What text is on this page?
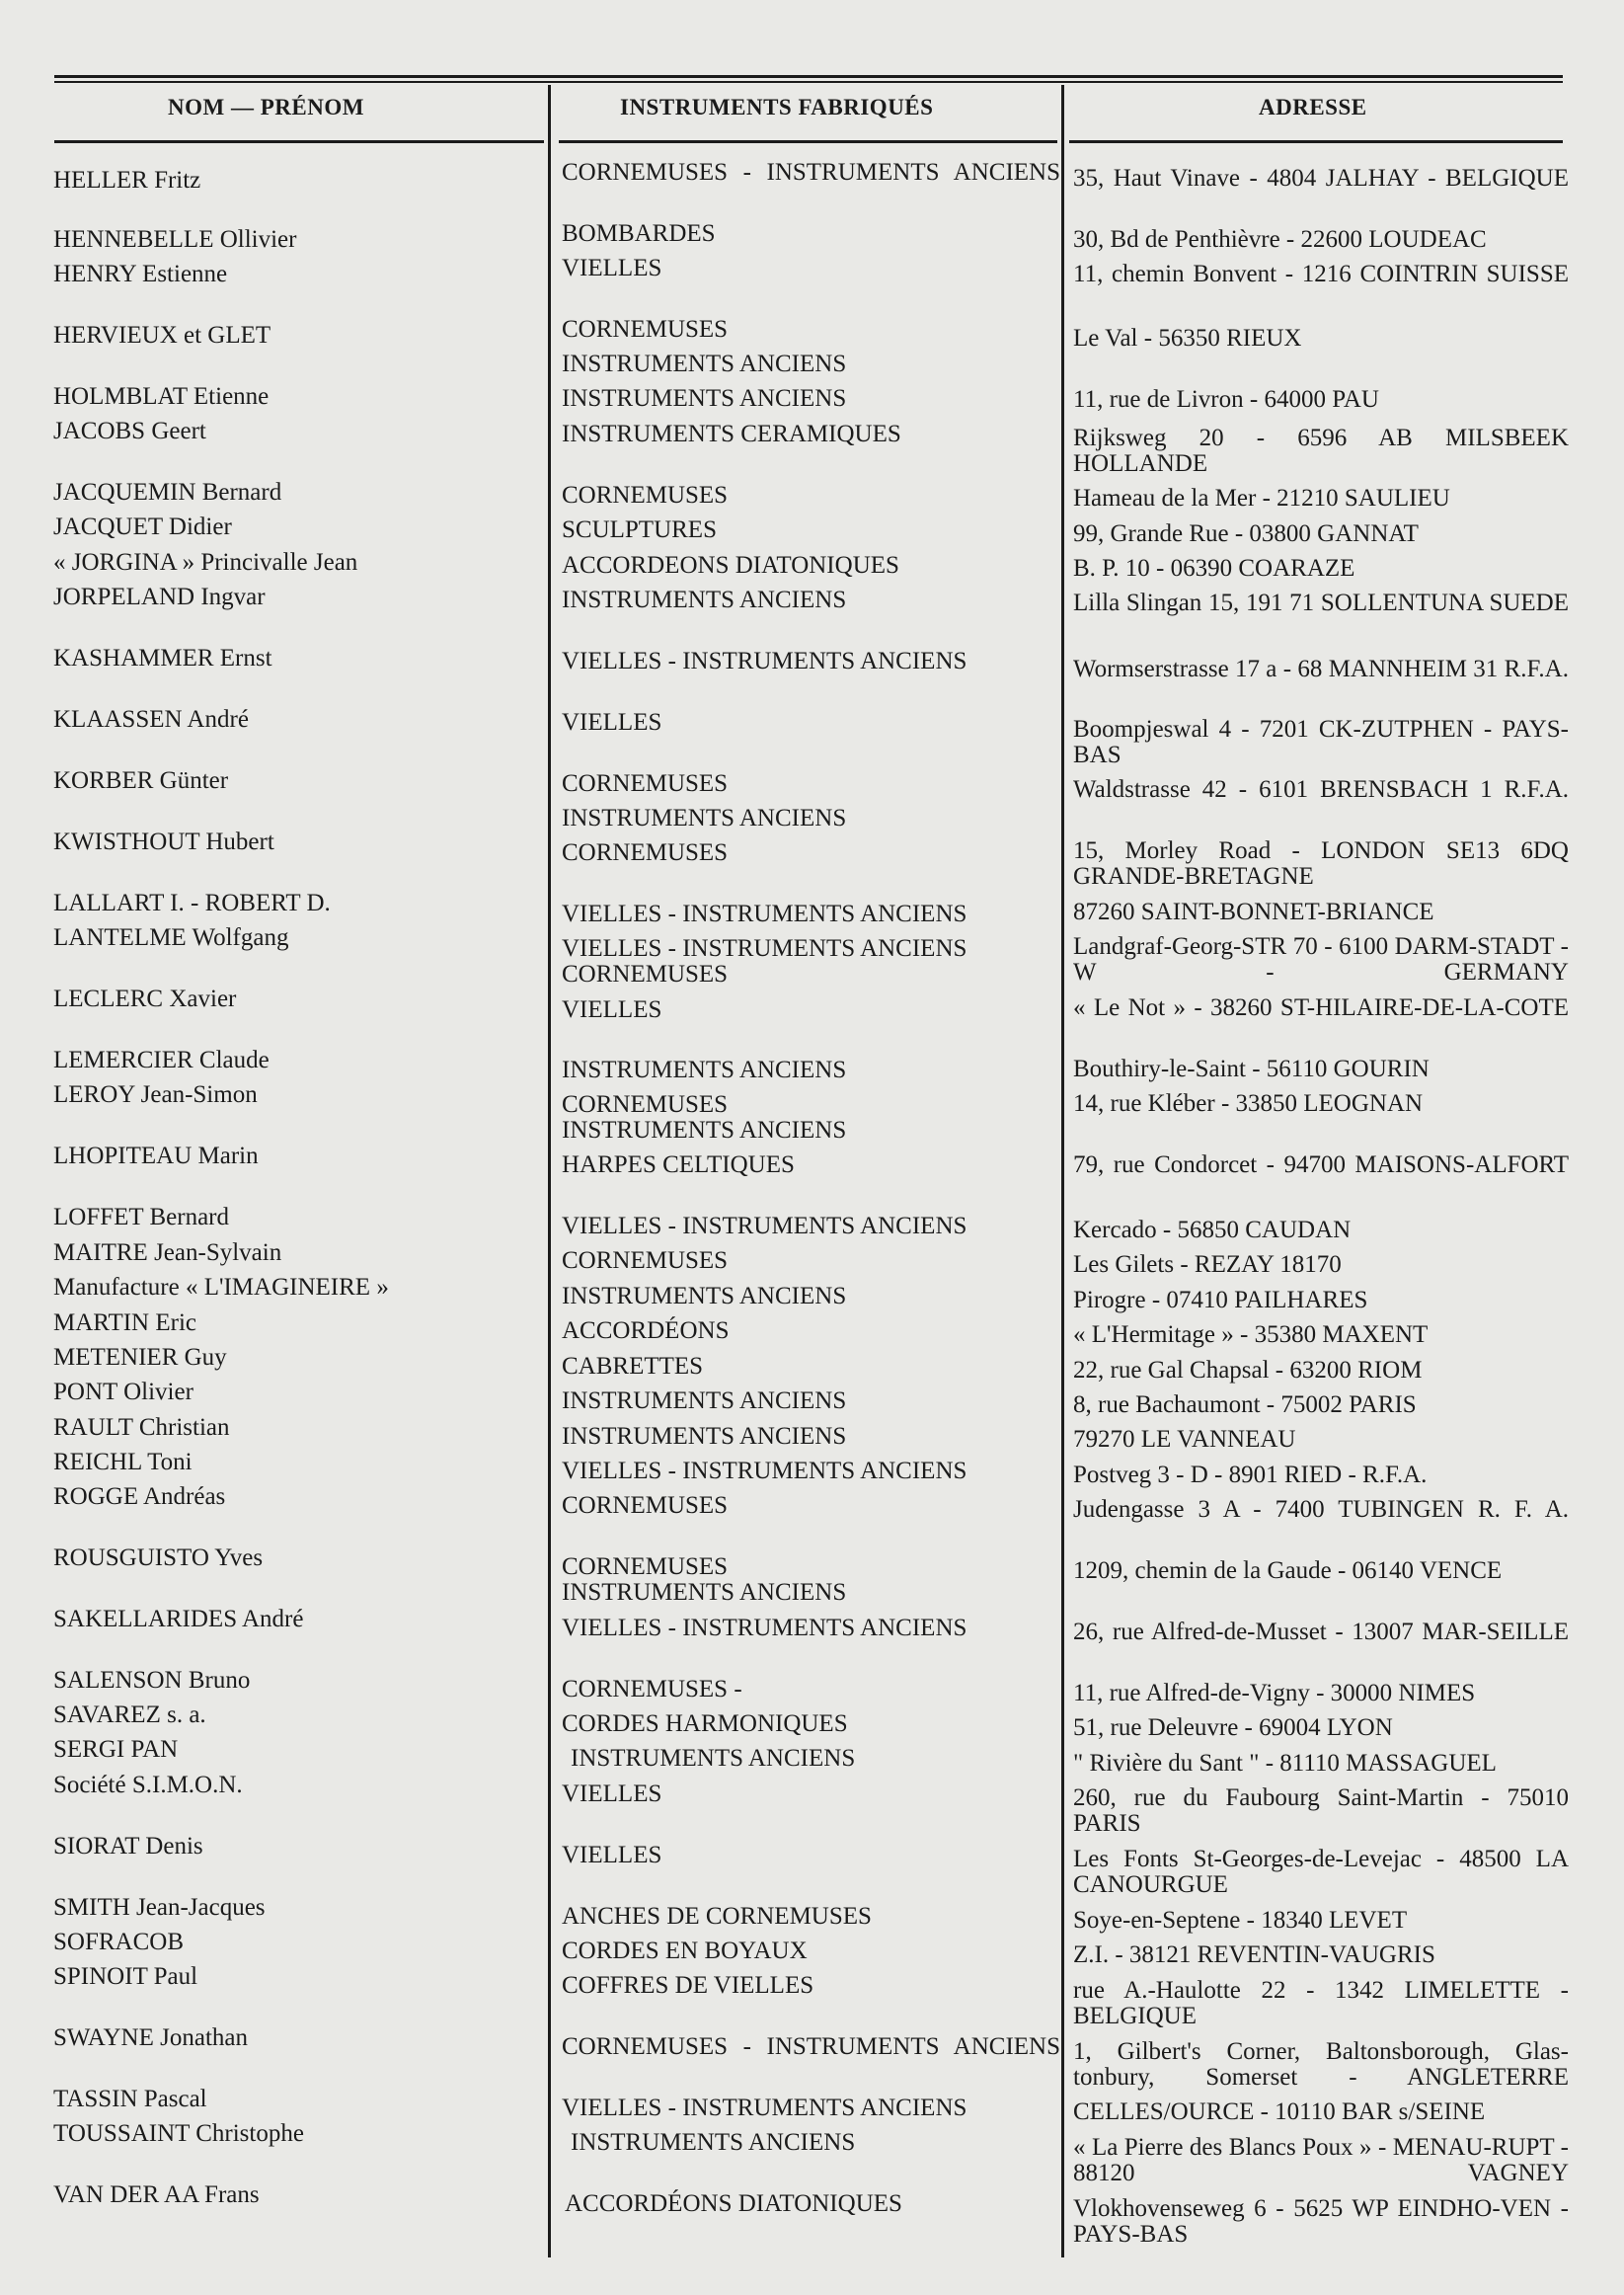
NOM — PRÉNOM	INSTRUMENTS FABRIQUÉS	ADRESSE
HELLER Fritz
HENNEBELLE Ollivier
HENRY Estienne
HERVIEUX et GLET
HOLMBLAT Etienne
JACOBS Geert
JACQUEMIN Bernard
JACQUET Didier
« JORGINA » Princivalle Jean
JORPELAND Ingvar
KASHAMMER Ernst
KLAASSEN André
KORBER Günter
KWISTHOUT Hubert
LALLART I. - ROBERT D.
LANTELME Wolfgang
LECLERC Xavier
LEMERCIER Claude
LEROY Jean-Simon
LHOPITEAU Marin
LOFFET Bernard
MAITRE Jean-Sylvain
Manufacture « L'IMAGINEIRE »
MARTIN Eric
METENIER Guy
PONT Olivier
RAULT Christian
REICHL Toni
ROGGE Andréas
ROUSGUISTO Yves
SAKELLARIDES André
SALENSON Bruno
SAVAREZ s. a.
SERGI PAN
Société S.I.M.O.N.
SIORAT Denis
SMITH Jean-Jacques
SOFRACOB
SPINOIT Paul
SWAYNE Jonathan
TASSIN Pascal
TOUSSAINT Christophe
VAN DER AA Frans
CORNEMUSES - INSTRUMENTS ANCIENS
BOMBARDES
VIELLES
CORNEMUSES
INSTRUMENTS ANCIENS
INSTRUMENTS ANCIENS
INSTRUMENTS CERAMIQUES
CORNEMUSES
SCULPTURES
ACCORDEONS DIATONIQUES
INSTRUMENTS ANCIENS
VIELLES - INSTRUMENTS ANCIENS
VIELLES
CORNEMUSES
INSTRUMENTS ANCIENS
CORNEMUSES
VIELLES - INSTRUMENTS ANCIENS
VIELLES - INSTRUMENTS ANCIENS
CORNEMUSES
VIELLES
INSTRUMENTS ANCIENS
CORNEMUSES
INSTRUMENTS ANCIENS
HARPES CELTIQUES
VIELLES - INSTRUMENTS ANCIENS
CORNEMUSES
INSTRUMENTS ANCIENS
ACCORDÉONS
CABRETTES
INSTRUMENTS ANCIENS
INSTRUMENTS ANCIENS
VIELLES - INSTRUMENTS ANCIENS
CORNEMUSES
CORNEMUSES
INSTRUMENTS ANCIENS
VIELLES - INSTRUMENTS ANCIENS
CORNEMUSES -
CORDES HARMONIQUES
INSTRUMENTS ANCIENS
VIELLES
VIELLES
ANCHES DE CORNEMUSES
CORDES EN BOYAUX
COFFRES DE VIELLES
CORNEMUSES - INSTRUMENTS ANCIENS
VIELLES - INSTRUMENTS ANCIENS
INSTRUMENTS ANCIENS
ACCORDÉONS DIATONIQUES
35, Haut Vinave - 4804 JALHAY - BELGIQUE
30, Bd de Penthièvre - 22600 LOUDEAC
11, chemin Bonvent - 1216 COINTRIN SUISSE
Le Val - 56350 RIEUX
11, rue de Livron - 64000 PAU
Rijksweg 20 - 6596 AB MILSBEEK HOLLANDE
Hameau de la Mer - 21210 SAULIEU
99, Grande Rue - 03800 GANNAT
B. P. 10 - 06390 COARAZE
Lilla Slingan 15, 191 71 SOLLENTUNA SUEDE
Wormserstrasse 17 a - 68 MANNHEIM 31 R.F.A.
Boompjeswal 4 - 7201 CK-ZUTPHEN - PAYS-BAS
Waldstrasse 42 - 6101 BRENSBACH 1 R.F.A.
15, Morley Road - LONDON SE13 6DQ GRANDE-BRETAGNE
87260 SAINT-BONNET-BRIANCE
Landgraf-Georg-STR 70 - 6100 DARM-STADT - W - GERMANY
« Le Not » - 38260 ST-HILAIRE-DE-LA-COTE
Bouthiry-le-Saint - 56110 GOURIN
14, rue Kléber - 33850 LEOGNAN
79, rue Condorcet - 94700 MAISONS-ALFORT
Kercado - 56850 CAUDAN
Les Gilets - REZAY 18170
Pirogre - 07410 PAILHARES
« L'Hermitage » - 35380 MAXENT
22, rue Gal Chapsal - 63200 RIOM
8, rue Bachaumont - 75002 PARIS
79270 LE VANNEAU
Postveg 3 - D - 8901 RIED - R.F.A.
Judengasse 3 A - 7400 TUBINGEN R. F. A.
1209, chemin de la Gaude - 06140 VENCE
26, rue Alfred-de-Musset - 13007 MAR-SEILLE
11, rue Alfred-de-Vigny - 30000 NIMES
51, rue Deleuvre - 69004 LYON
" Rivière du Sant " - 81110 MASSAGUEL
260, rue du Faubourg Saint-Martin - 75010 PARIS
Les Fonts St-Georges-de-Levejac - 48500 LA CANOURGUE
Soye-en-Septene - 18340 LEVET
Z.I. - 38121 REVENTIN-VAUGRIS
rue A.-Haulotte 22 - 1342 LIMELETTE - BELGIQUE
1, Gilbert's Corner, Baltonsborough, Glas-tonbury, Somerset - ANGLETERRE
CELLES/OURCE - 10110 BAR s/SEINE
« La Pierre des Blancs Poux » - MENAU-RUPT - 88120 VAGNEY
Vlokhovenseweg 6 - 5625 WP EINDHO-VEN - PAYS-BAS
